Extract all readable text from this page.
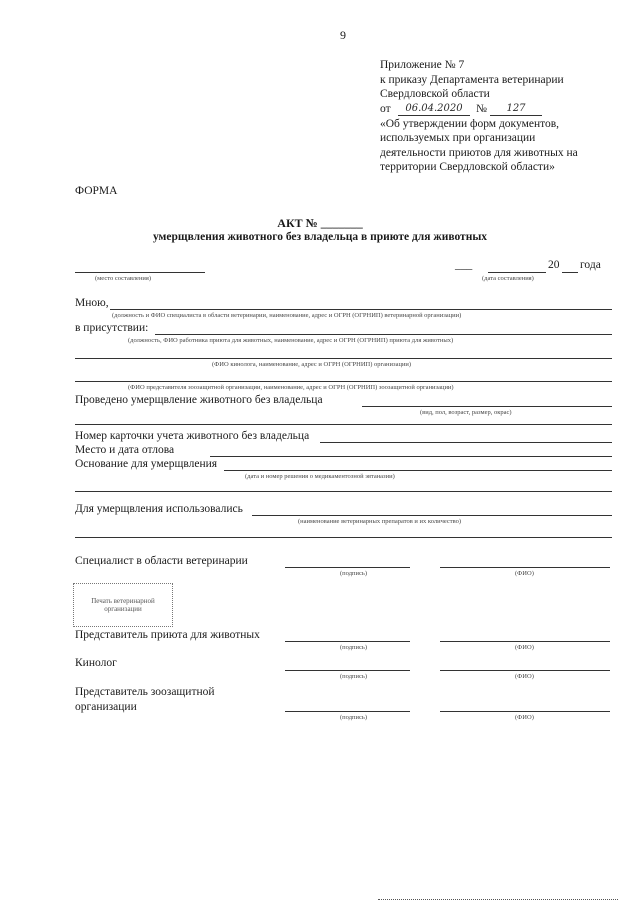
9
Приложение № 7
к приказу Департамента ветеринарии
Свердловской области
от	06.04.2020	№	127
«Об утверждении форм документов,
используемых при организации
деятельности приютов для животных на
территории Свердловской области»
ФОРМА
АКТ № _______
умерщвления животного без владельца в приюте для животных
(место составления)
___	20 года
(дата составления)
Мною,
(должность и ФИО специалиста в области ветеринарии, наименование, адрес и ОГРН (ОГРНИП) ветеринарной организации)
в присутствии:
(должность, ФИО работника приюта для животных, наименование, адрес и ОГРН (ОГРНИП) приюта для животных)
(ФИО кинолога, наименование, адрес и ОГРН (ОГРНИП) организации)
(ФИО представителя зоозащитной организации, наименование, адрес и ОГРН (ОГРНИП) зоозащитной организации)
Проведено умерщвление животного без владельца
(вид, пол, возраст, размер, окрас)
Номер карточки учета животного без владельца
Место и дата отлова
Основание для умерщвления
(дата и номер решения о медикаментозной эвтаназии)
Для умерщвления использовались
(наименование ветеринарных препаратов и их количество)
Специалист в области ветеринарии
(подпись)	(ФИО)
Печать ветеринарной
организации
Представитель приюта для животных
(подпись)	(ФИО)
Кинолог
(подпись)	(ФИО)
Представитель зоозащитной
организации
(подпись)	(ФИО)
